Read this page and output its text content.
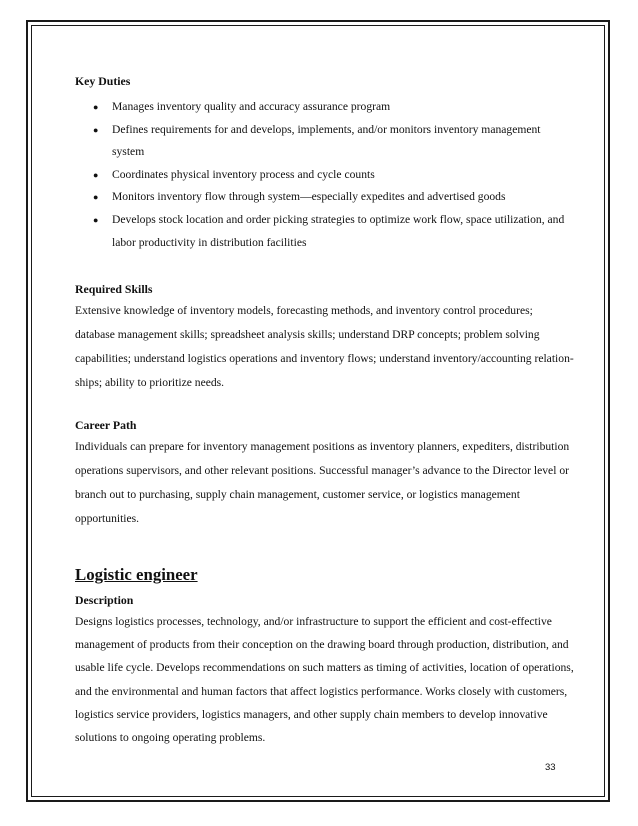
Key Duties
● Manages inventory quality and accuracy assurance program
● Defines requirements for and develops, implements, and/or monitors inventory management system
● Coordinates physical inventory process and cycle counts
● Monitors inventory flow through system—especially expedites and advertised goods
● Develops stock location and order picking strategies to optimize work flow, space utilization, and labor productivity in distribution facilities
Required Skills
Extensive knowledge of inventory models, forecasting methods, and inventory control procedures; database management skills; spreadsheet analysis skills; understand DRP concepts; problem solving capabilities; understand logistics operations and inventory flows; understand inventory/accounting relation-ships; ability to prioritize needs.
Career Path
Individuals can prepare for inventory management positions as inventory planners, expediters, distribution operations supervisors, and other relevant positions. Successful manager’s advance to the Director level or branch out to purchasing, supply chain management, customer service, or logistics management opportunities.
Logistic engineer
Description
Designs logistics processes, technology, and/or infrastructure to support the efficient and cost-effective management of products from their conception on the drawing board through production, distribution, and usable life cycle. Develops recommendations on such matters as timing of activities, location of operations, and the environmental and human factors that affect logistics performance. Works closely with customers, logistics service providers, logistics managers, and other supply chain members to develop innovative solutions to ongoing operating problems.
33
